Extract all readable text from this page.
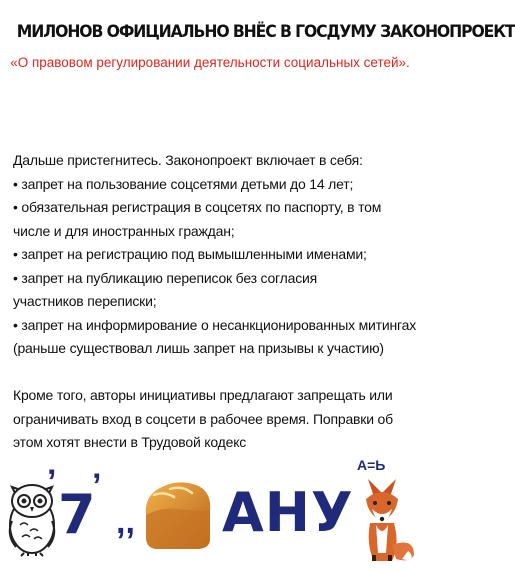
МИЛОНОВ ОФИЦИАЛЬНО ВНЁС В ГОСДУМУ ЗАКОНОПРОЕКТ
«О правовом регулировании деятельности социальных сетей».
Дальше пристегнитесь. Законопроект включает в себя:
• запрет на пользование соцсетями детьми до 14 лет;
• обязательная регистрация в соцсетях по паспорту, в том
числе и для иностранных граждан;
• запрет на регистрацию под вымышленными именами;
• запрет на публикацию переписок без согласия
участников переписки;
• запрет на информирование о несанкционированных митингах
(раньше существовал лишь запрет на призывы к участию)
Кроме того, авторы инициативы предлагают запрещать или
ограничивать вход в соцсети в рабочее время. Поправки об
этом хотят внести в Трудовой кодекс
’
7
’
,, АНУ
А=Ь
